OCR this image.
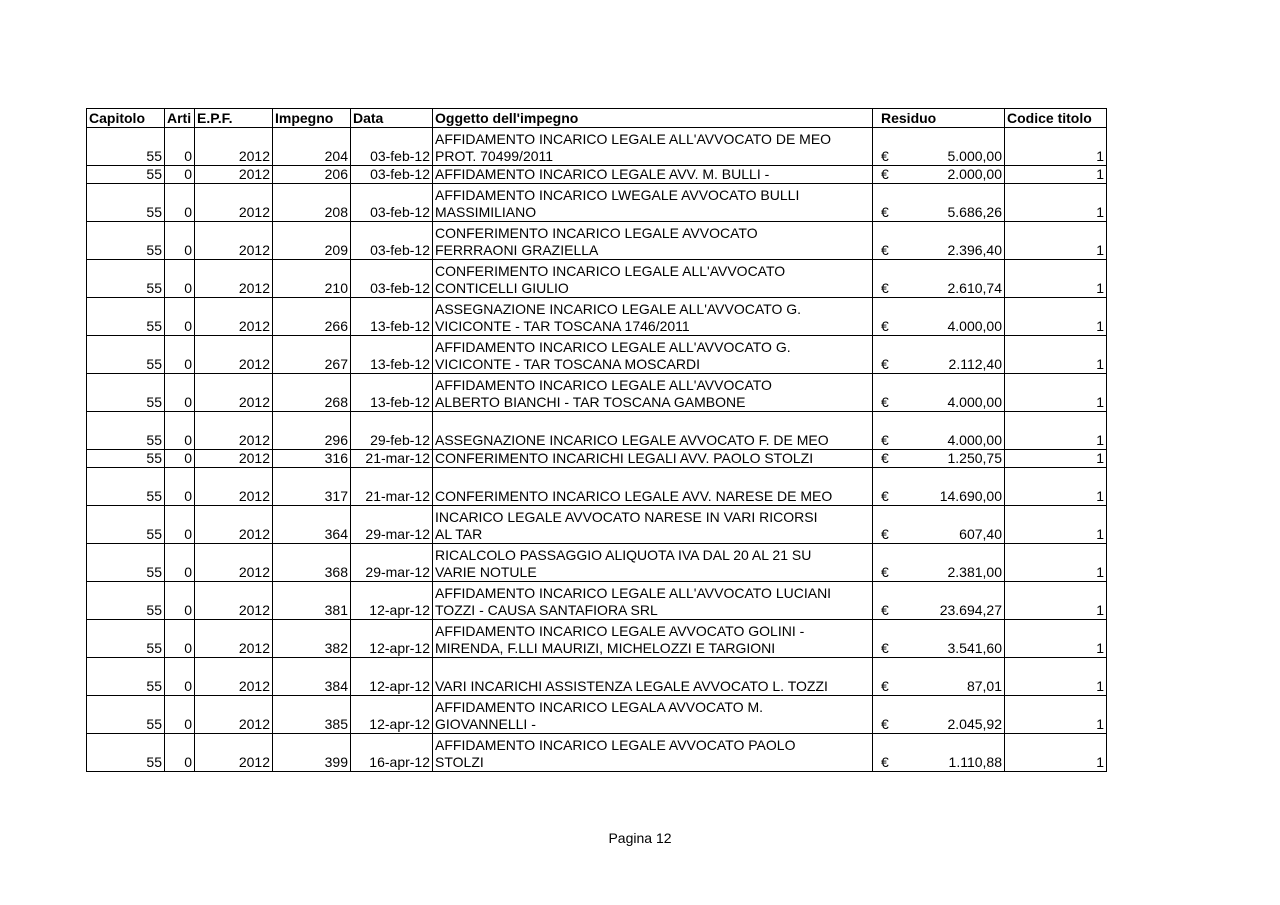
Capitolo	Arti	E.P.F.	Impegno	Data	Oggetto dell'impegno	Residuo	Codice titolo
55	0	2012	204	03-feb-12	AFFIDAMENTO INCARICO LEGALE ALL'AVVOCATO DE MEO
PROT. 70499/2011	€ 5.000,00	1
55	0	2012	206	03-feb-12	AFFIDAMENTO INCARICO LEGALE AVV. M. BULLI -	€ 2.000,00	1
55	0	2012	208	03-feb-12	AFFIDAMENTO INCARICO LWEGALE AVVOCATO BULLI
MASSIMILIANO	€ 5.686,26	1
55	0	2012	209	03-feb-12	CONFERIMENTO INCARICO LEGALE AVVOCATO
FERRRAONI GRAZIELLA	€ 2.396,40	1
55	0	2012	210	03-feb-12	CONFERIMENTO INCARICO LEGALE ALL'AVVOCATO
CONTICELLI GIULIO	€ 2.610,74	1
55	0	2012	266	13-feb-12	ASSEGNAZIONE INCARICO LEGALE ALL'AVVOCATO G.
VICICONTE - TAR TOSCANA 1746/2011	€ 4.000,00	1
55	0	2012	267	13-feb-12	AFFIDAMENTO INCARICO LEGALE ALL'AVVOCATO G.
VICICONTE - TAR TOSCANA MOSCARDI	€ 2.112,40	1
55	0	2012	268	13-feb-12	AFFIDAMENTO INCARICO LEGALE ALL'AVVOCATO
ALBERTO BIANCHI - TAR TOSCANA GAMBONE	€ 4.000,00	1
55	0	2012	296	29-feb-12	ASSEGNAZIONE INCARICO LEGALE AVVOCATO F. DE MEO	€ 4.000,00	1
55	0	2012	316	21-mar-12	CONFERIMENTO INCARICHI LEGALI AVV. PAOLO STOLZI	€ 1.250,75	1
55	0	2012	317	21-mar-12	CONFERIMENTO INCARICO LEGALE AVV. NARESE DE MEO	€ 14.690,00	1
55	0	2012	364	29-mar-12	INCARICO LEGALE AVVOCATO NARESE IN VARI RICORSI
AL TAR	€ 607,40	1
55	0	2012	368	29-mar-12	RICALCOLO PASSAGGIO ALIQUOTA IVA DAL 20 AL 21 SU
VARIE NOTULE	€ 2.381,00	1
55	0	2012	381	12-apr-12	AFFIDAMENTO INCARICO LEGALE ALL'AVVOCATO LUCIANI
TOZZI - CAUSA SANTAFIORA SRL	€ 23.694,27	1
55	0	2012	382	12-apr-12	AFFIDAMENTO INCARICO LEGALE AVVOCATO GOLINI -
MIRENDA, F.LLI MAURIZI, MICHELOZZI E TARGIONI	€ 3.541,60	1
55	0	2012	384	12-apr-12	VARI INCARICHI ASSISTENZA LEGALE AVVOCATO L. TOZZI	€ 87,01	1
55	0	2012	385	12-apr-12	AFFIDAMENTO INCARICO LEGALA AVVOCATO M.
GIOVANNELLI -	€ 2.045,92	1
55	0	2012	399	16-apr-12	AFFIDAMENTO INCARICO LEGALE AVVOCATO PAOLO
STOLZI	€ 1.110,88	1
Pagina 12
